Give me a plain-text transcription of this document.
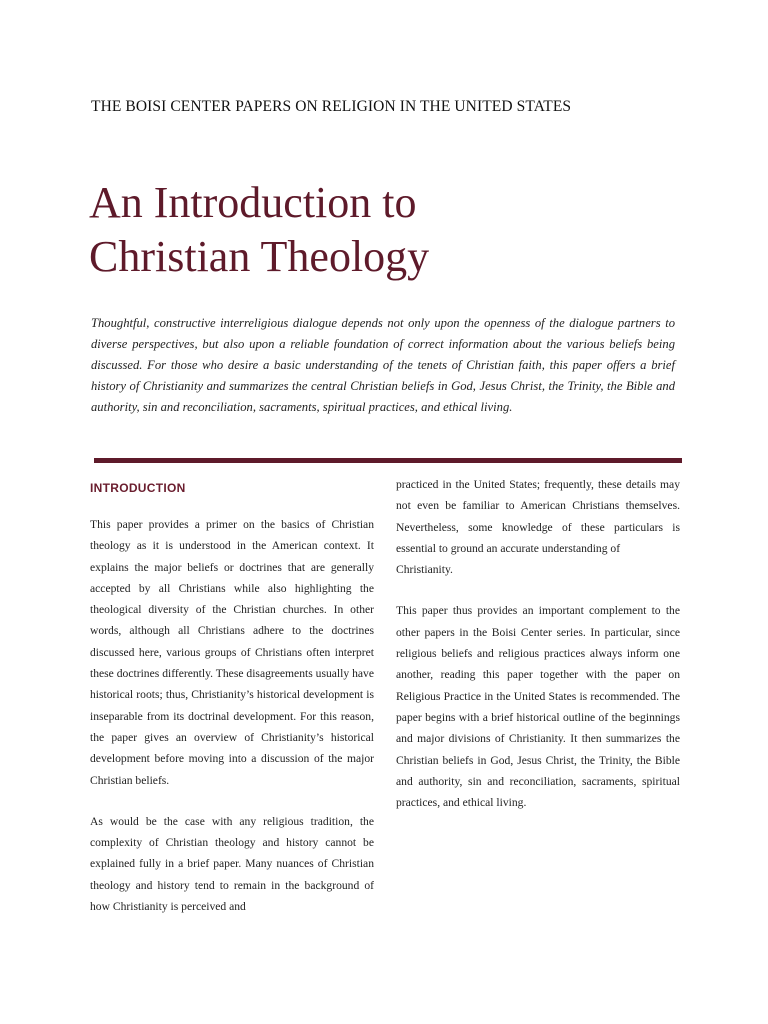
THE BOISI CENTER PAPERS ON RELIGION IN THE UNITED STATES
An Introduction to
Christian Theology
Thoughtful, constructive interreligious dialogue depends not only upon the openness of the dialogue partners to diverse perspectives, but also upon a reliable foundation of correct information about the various beliefs being discussed. For those who desire a basic understanding of the tenets of Christian faith, this paper offers a brief history of Christianity and summarizes the central Christian beliefs in God, Jesus Christ, the Trinity, the Bible and authority, sin and reconciliation, sacraments, spiritual practices, and ethical living.
INTRODUCTION

This paper provides a primer on the basics of Christian theology as it is understood in the American context. It explains the major beliefs or doctrines that are generally accepted by all Christians while also highlighting the theological diversity of the Christian churches. In other words, although all Christians adhere to the doctrines discussed here, various groups of Christians often interpret these doctrines differently. These disagreements usually have historical roots; thus, Christianity’s historical development is inseparable from its doctrinal development. For this reason, the paper gives an overview of Christianity’s historical development before moving into a discussion of the major Christian beliefs.

As would be the case with any religious tradition, the complexity of Christian theology and history cannot be explained fully in a brief paper. Many nuances of Christian theology and history tend to remain in the background of how Christianity is perceived and

practiced in the United States; frequently, these details may not even be familiar to American Christians themselves. Nevertheless, some knowledge of these particulars is essential to ground an accurate understanding of

Christianity.

This paper thus provides an important complement to the other papers in the Boisi Center series. In particular, since religious beliefs and religious practices always inform one another, reading this paper together with the paper on Religious Practice in the United States is recommended. The paper begins with a brief historical outline of the beginnings and major divisions of Christianity. It then summarizes the Christian beliefs in God, Jesus Christ, the Trinity, the Bible and authority, sin and reconciliation, sacraments, spiritual practices, and ethical living.
